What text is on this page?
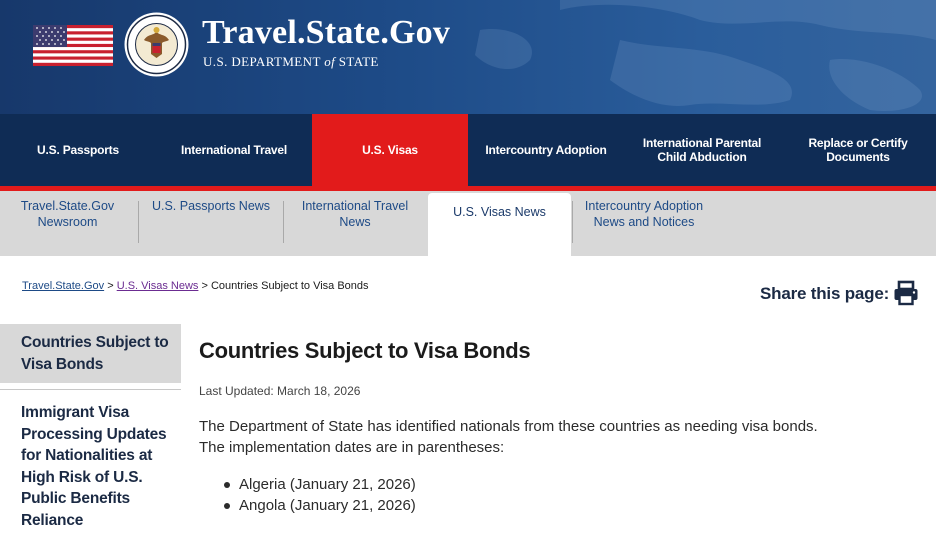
Travel.State.Gov
U.S. DEPARTMENT of STATE
U.S. Passports	International Travel	U.S. Visas	Intercountry Adoption	International Parental Child Abduction
Replace or Certify Documents
Travel.State.Gov Newsroom
U.S. Passports News	International Travel News
U.S. Visas News	Intercountry Adoption News and Notices
Travel.State.Gov > U.S. Visas News > Countries Subject to Visa Bonds	Share this page:
Countries Subject to Visa Bonds
Immigrant Visa Processing Updates for Nationalities at High Risk of U.S. Public Benefits Reliance
Countries Subject to Visa Bonds
Last Updated: March 18, 2026
The Department of State has identified nationals from these countries as needing visa bonds.
The implementation dates are in parentheses:
Algeria (January 21, 2026)
Angola (January 21, 2026)
